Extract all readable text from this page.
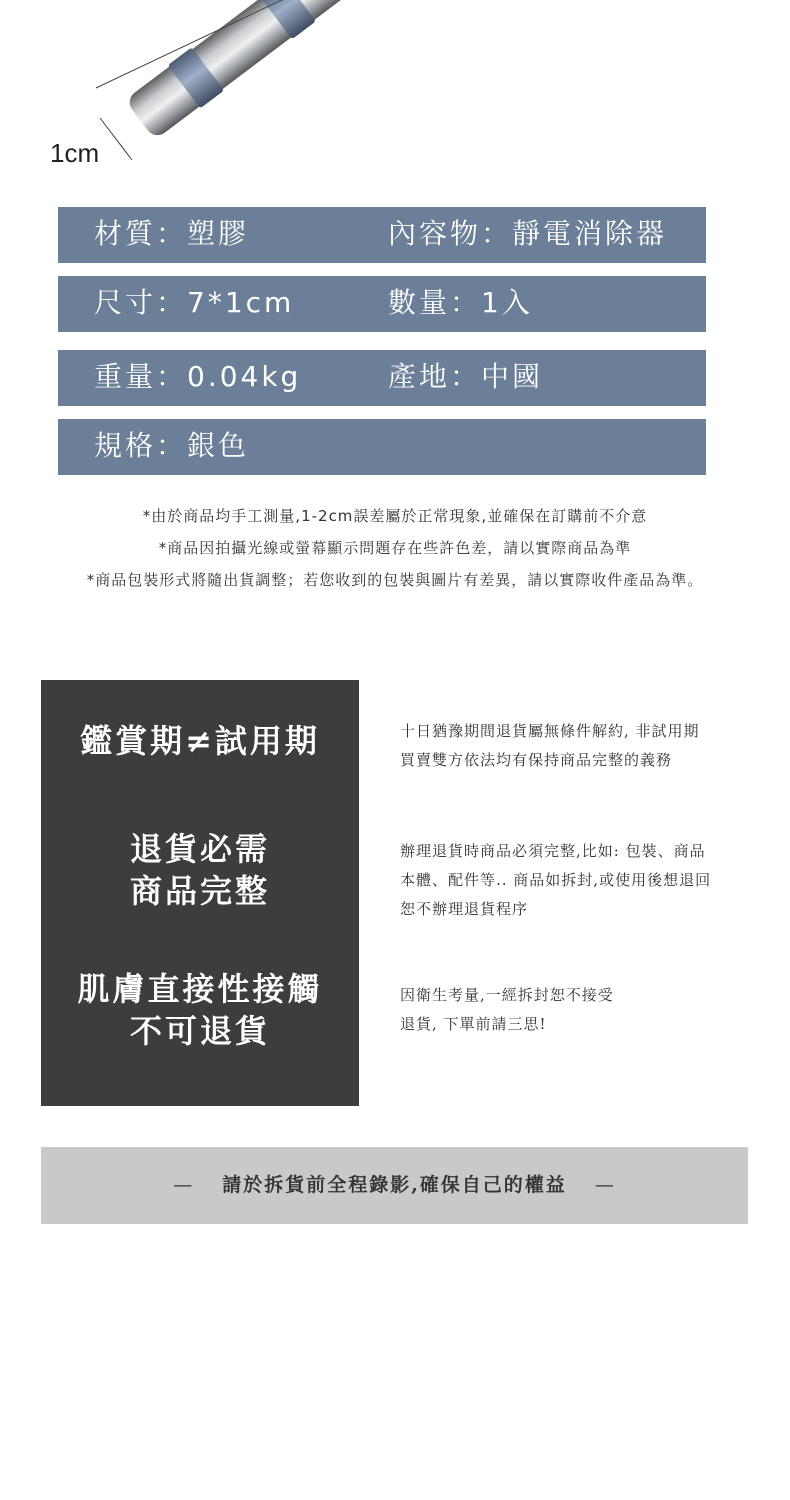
1cm
材質：塑膠	內容物：靜電消除器
尺寸：7*1cm	數量：1入
重量：0.04kg	產地：中國
規格：銀色
*由於商品均手工測量,1-2cm誤差屬於正常現象,並確保在訂購前不介意
*商品因拍攝光線或螢幕顯示問題存在些許色差，請以實際商品為準
*商品包裝形式將隨出貨調整；若您收到的包裝與圖片有差異，請以實際收件產品為準。
鑑賞期≠試用期
退貨必需
商品完整
肌膚直接性接觸
不可退貨
十日猶豫期間退貨屬無條件解約, 非試用期
買賣雙方依法均有保持商品完整的義務
辦理退貨時商品必須完整,比如: 包裝、商品
本體、配件等.. 商品如拆封,或使用後想退回
恕不辦理退貨程序
因衛生考量,一經拆封恕不接受
退貨, 下單前請三思!
— 請於拆貨前全程錄影,確保自己的權益 —
